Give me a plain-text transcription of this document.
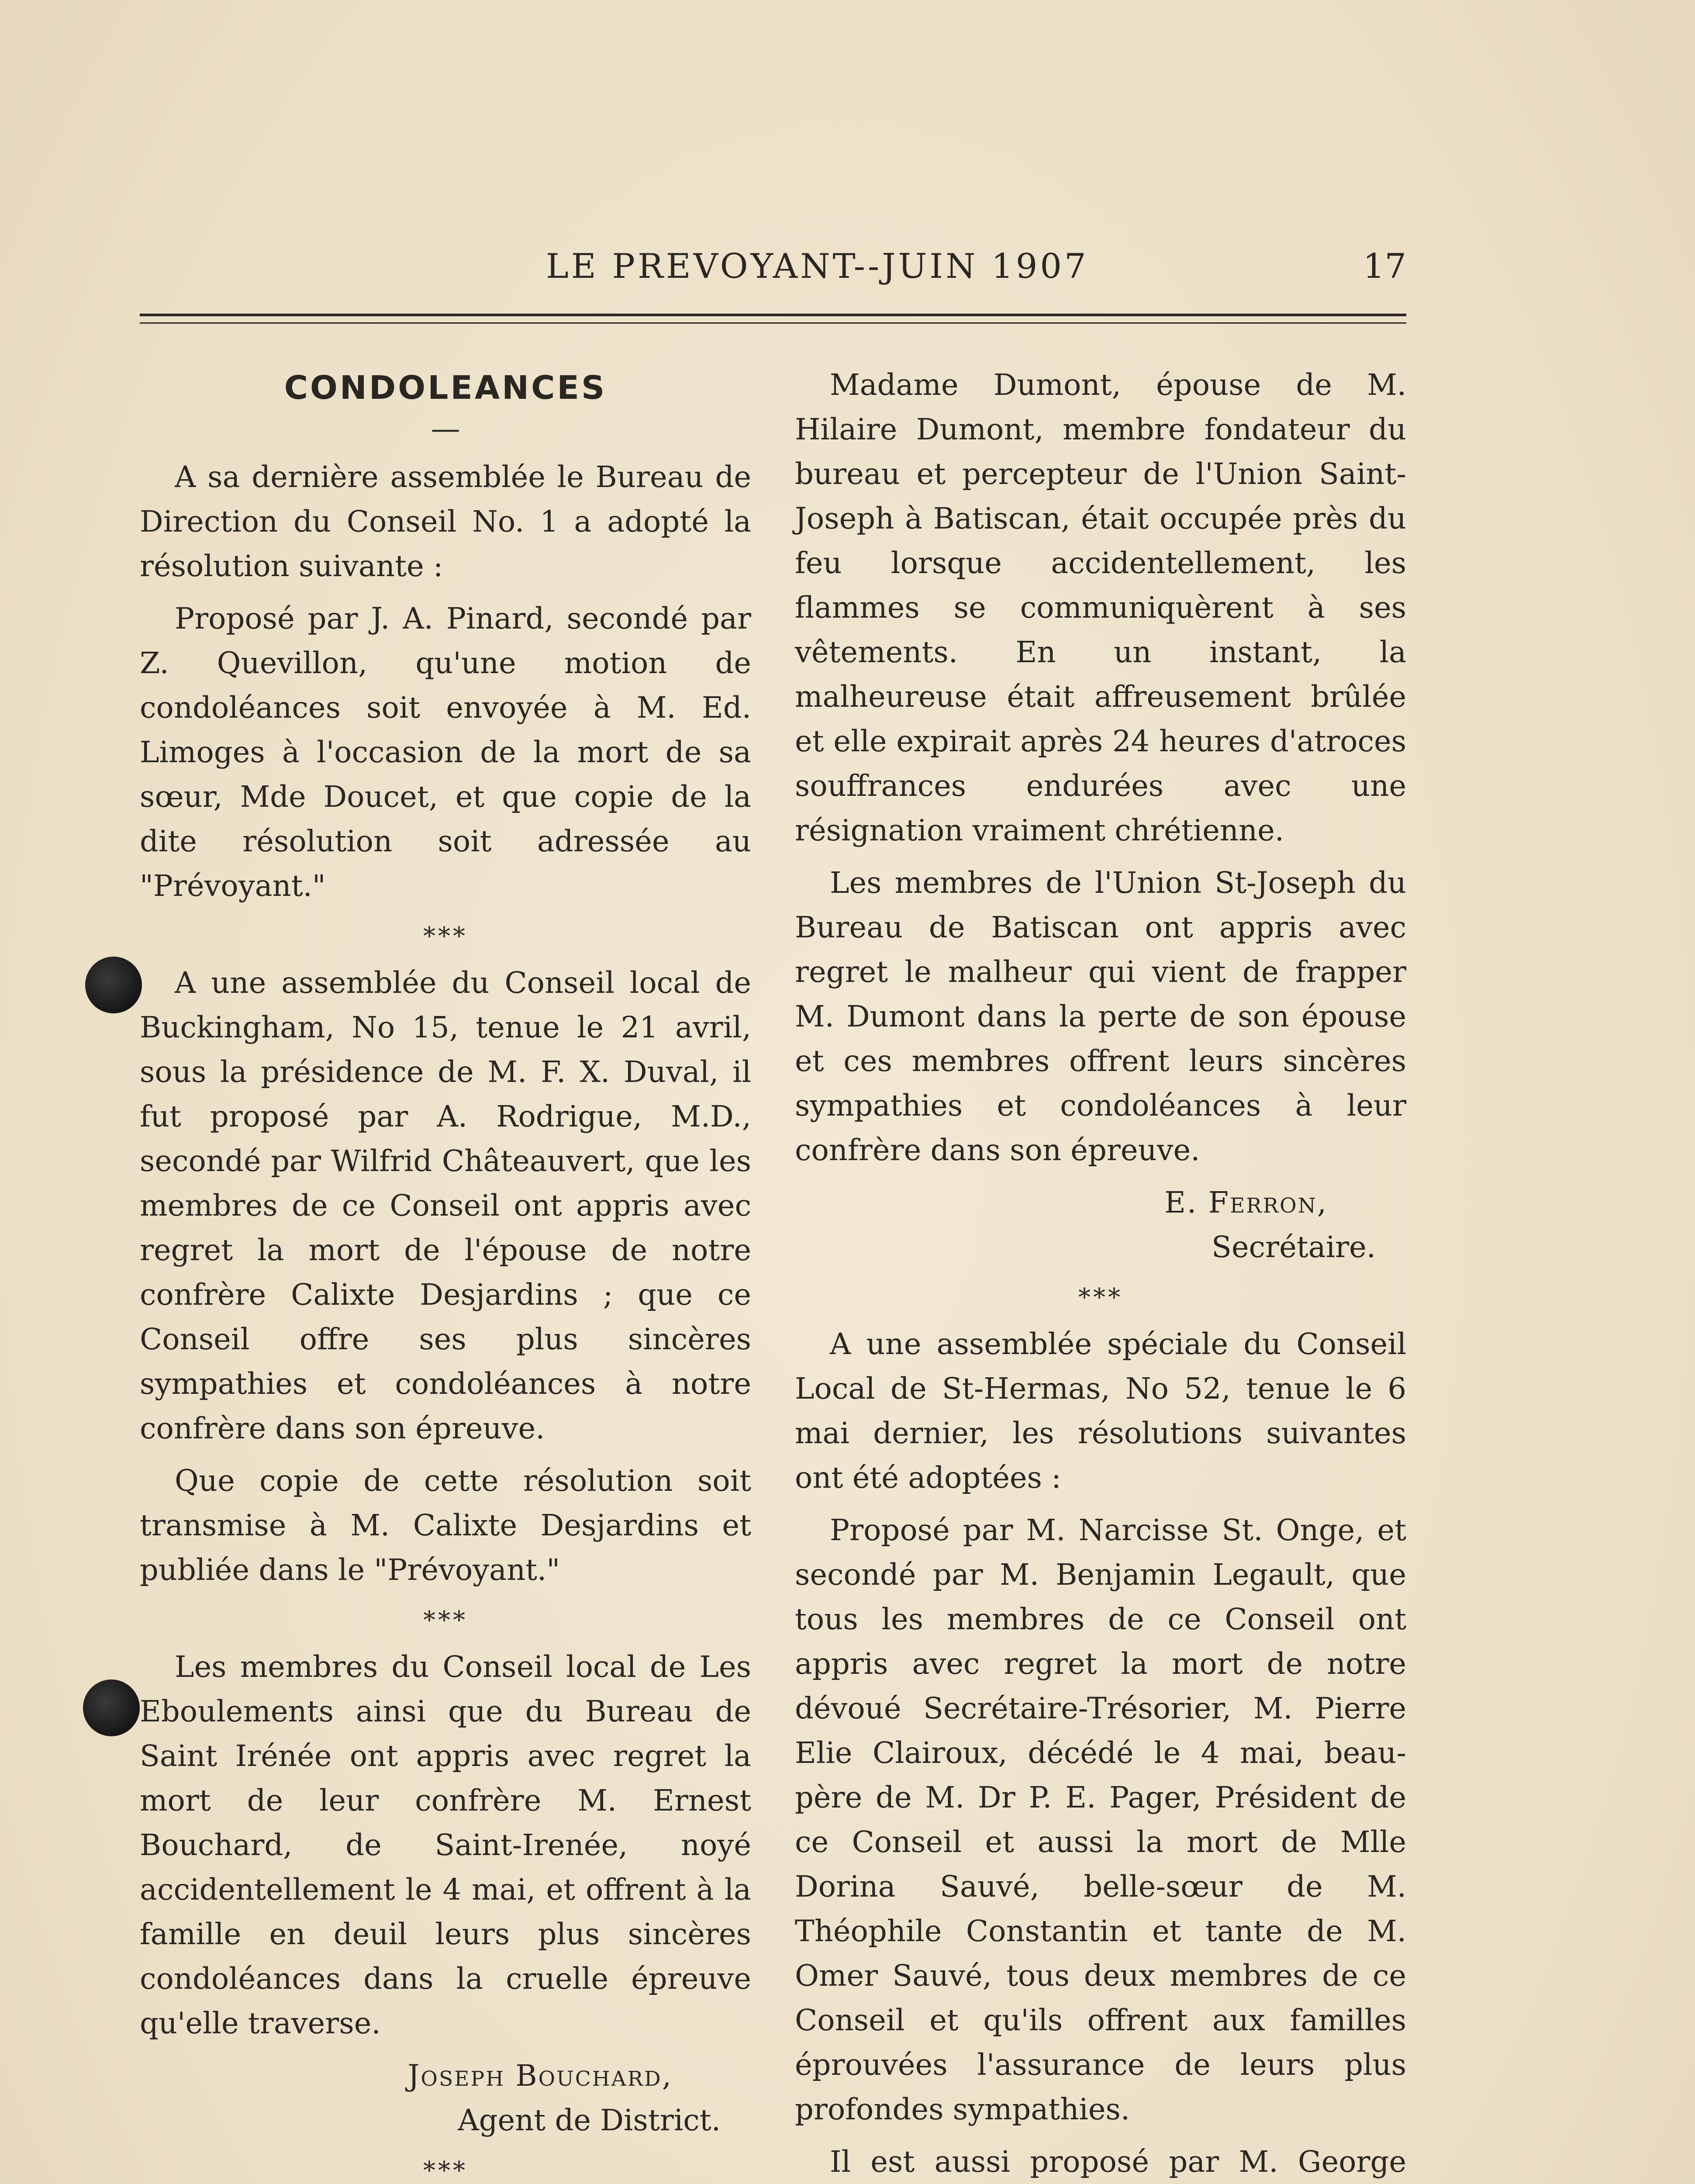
LE PREVOYANT--JUIN 1907	17
CONDOLEANCES
—

A sa dernière assemblée le Bureau de Direction du Conseil No. 1 a adopté la résolution suivante :

Proposé par J. A. Pinard, secondé par Z. Quevillon, qu'une motion de condoléances soit envoyée à M. Ed. Limoges à l'occasion de la mort de sa sœur, Mde Doucet, et que copie de la dite résolution soit adressée au "Prévoyant."

***

A une assemblée du Conseil local de Buckingham, No 15, tenue le 21 avril, sous la présidence de M. F. X. Duval, il fut proposé par A. Rodrigue, M.D., secondé par Wilfrid Châteauvert, que les membres de ce Conseil ont appris avec regret la mort de l'épouse de notre confrère Calixte Desjardins ; que ce Conseil offre ses plus sincères sympathies et condoléances à notre confrère dans son épreuve.

Que copie de cette résolution soit transmise à M. Calixte Desjardins et publiée dans le "Prévoyant."

***

Les membres du Conseil local de Les Eboulements ainsi que du Bureau de Saint Irénée ont appris avec regret la mort de leur confrère M. Ernest Bouchard, de Saint-Irenée, noyé accidentellement le 4 mai, et offrent à la famille en deuil leurs plus sincères condoléances dans la cruelle épreuve qu'elle traverse.

Joseph Bouchard,
Agent de District.
***

Madame Dumont, épouse de M. Hilaire Dumont, membre fondateur du bureau et percepteur de l'Union Saint-Joseph à Batiscan, était occupée près du feu lorsque accidentellement, les flammes se communiquèrent à ses vêtements. En un instant, la malheureuse était affreusement brûlée et elle expirait après 24 heures d'atroces souffrances endurées avec une résignation vraiment chrétienne.

Les membres de l'Union St-Joseph du Bureau de Batiscan ont appris avec regret le malheur qui vient de frapper M. Dumont dans la perte de son épouse et ces membres offrent leurs sincères sympathies et condoléances à leur confrère dans son épreuve.

E. Ferron,
Secrétaire.
***

A une assemblée spéciale du Conseil Local de St-Hermas, No 52, tenue le 6 mai dernier, les résolutions suivantes ont été adoptées :

Proposé par M. Narcisse St. Onge, et secondé par M. Benjamin Legault, que tous les membres de ce Conseil ont appris avec regret la mort de notre dévoué Secrétaire-Trésorier, M. Pierre Elie Clairoux, décédé le 4 mai, beau-père de M. Dr P. E. Pager, Président de ce Conseil et aussi la mort de Mlle Dorina Sauvé, belle-sœur de M. Théophile Constantin et tante de M. Omer Sauvé, tous deux membres de ce Conseil et qu'ils offrent aux familles éprouvées l'assurance de leurs plus profondes sympathies.

Il est aussi proposé par M. George
